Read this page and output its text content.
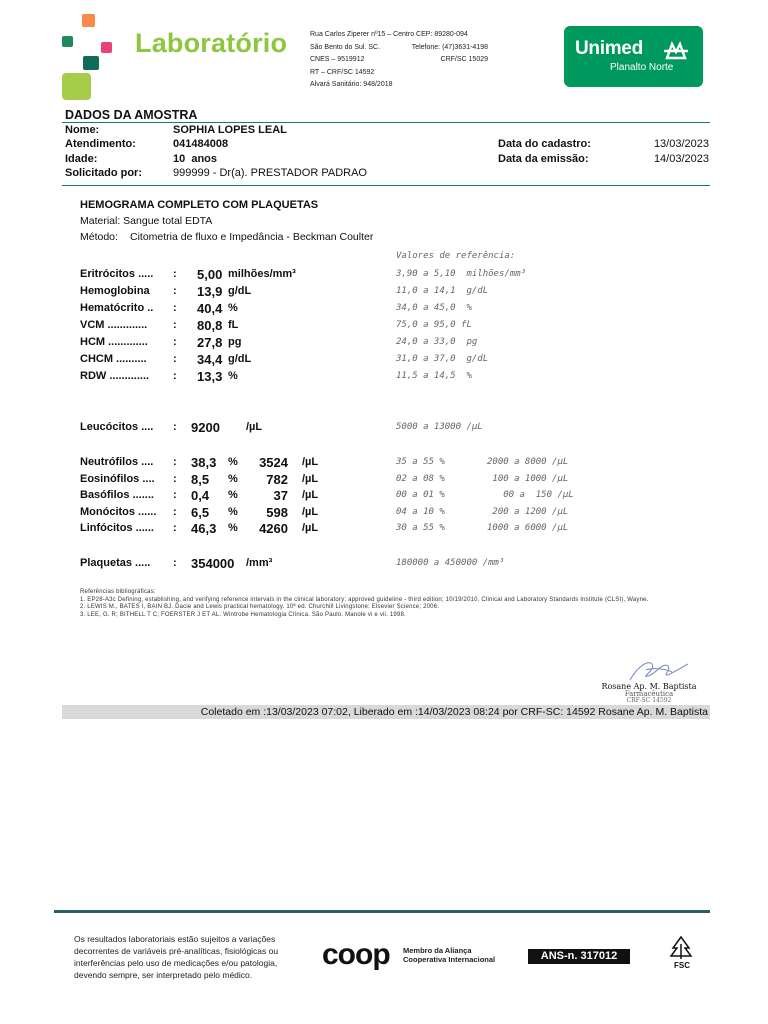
Laboratório	Rua Carlos Ziperer nº15 – Centro CEP: 89280-094
São Bento do Sul. SC.	Telefone: (47)3631-4198
CNES – 9519912	CRF/SC 15029
RT – CRF/SC 14592
Alvará Sanitário: 948/2018
Unimed
Planalto Norte
DADOS DA AMOSTRA
Nome:	SOPHIA LOPES LEAL
Atendimento:	041484008
Idade:	10  anos
Solicitado por:	999999 - Dr(a). PRESTADOR PADRAO
Data do cadastro:	13/03/2023
Data da emissão:	14/03/2023
HEMOGRAMA COMPLETO COM PLAQUETAS
Material: Sangue total EDTA
Método: Citometria de fluxo e Impedância - Beckman Coulter
Valores de referência:
Eritrócitos ..... : 5,00 milhões/mm³	3,90 a 5,10  milhões/mm³
Hemoglobina : 13,9 g/dL	11,0 a 14,1  g/dL
Hematócrito .. : 40,4 %	34,0 a 45,0  %
VCM ............. : 80,8 fL	75,0 a 95,0 fL
HCM ............. : 27,8 pg	24,0 a 33,0  pg
CHCM .......... : 34,4 g/dL	31,0 a 37,0  g/dL
RDW ............. : 13,3 %	11,5 a 14,5  %
Leucócitos .... : 9200 /µL	5000 a 13000 /µL
Neutrófilos .... : 38,3 %	3524 /µL	35 a 55 %	2000 a 8000 /µL
Eosinófilos .... : 8,5 %	782 /µL	02 a 08 %	100 a 1000 /µL
Basófilos ....... : 0,4 %	37 /µL	00 a 01 %	00 a  150 /µL
Monócitos ...... : 6,5 %	598 /µL	04 a 10 %	200 a 1200 /µL
Linfócitos ...... : 46,3 %	4260 /µL	30 a 55 %	1000 a 6000 /µL
Plaquetas ..... : 354000 /mm³	180000 a 450000 /mm³
Referências bibliográficas:
1. EP28-A3c Defining, establishing, and verifying reference intervals in the clinical laboratory; approved guideline - third edition; 10/19/2010. Clinical and Laboratory Standards Institute (CLSI), Wayne.
2. LEWIS M., BATES I, BAIN BJ. Dacie and Lewis practical hematology. 10ª ed. Churchill Livingstone: Elsevier Science; 2006.
3. LEE, G. R; BITHELL T C; FOERSTER J ET AL. Wintrobe Hematologia Clínica. São Paulo. Manole vi e vii. 1998.
Rosane Ap. M. Baptista
Farmacêutica
CRF-SC 14592
Coletado em :13/03/2023 07:02, Liberado em :14/03/2023 08:24 por CRF-SC: 14592 Rosane Ap. M. Baptista
Os resultados laboratoriais estão sujeitos a variações
decorrentes de variáveis pré-analíticas, fisiológicas ou
interferências pelo uso de medicações e/ou patologia,
devendo sempre, ser interpretado pelo médico.
coop Membro da Aliança
Cooperativa Internacional	ANS-n. 317012
FSC
